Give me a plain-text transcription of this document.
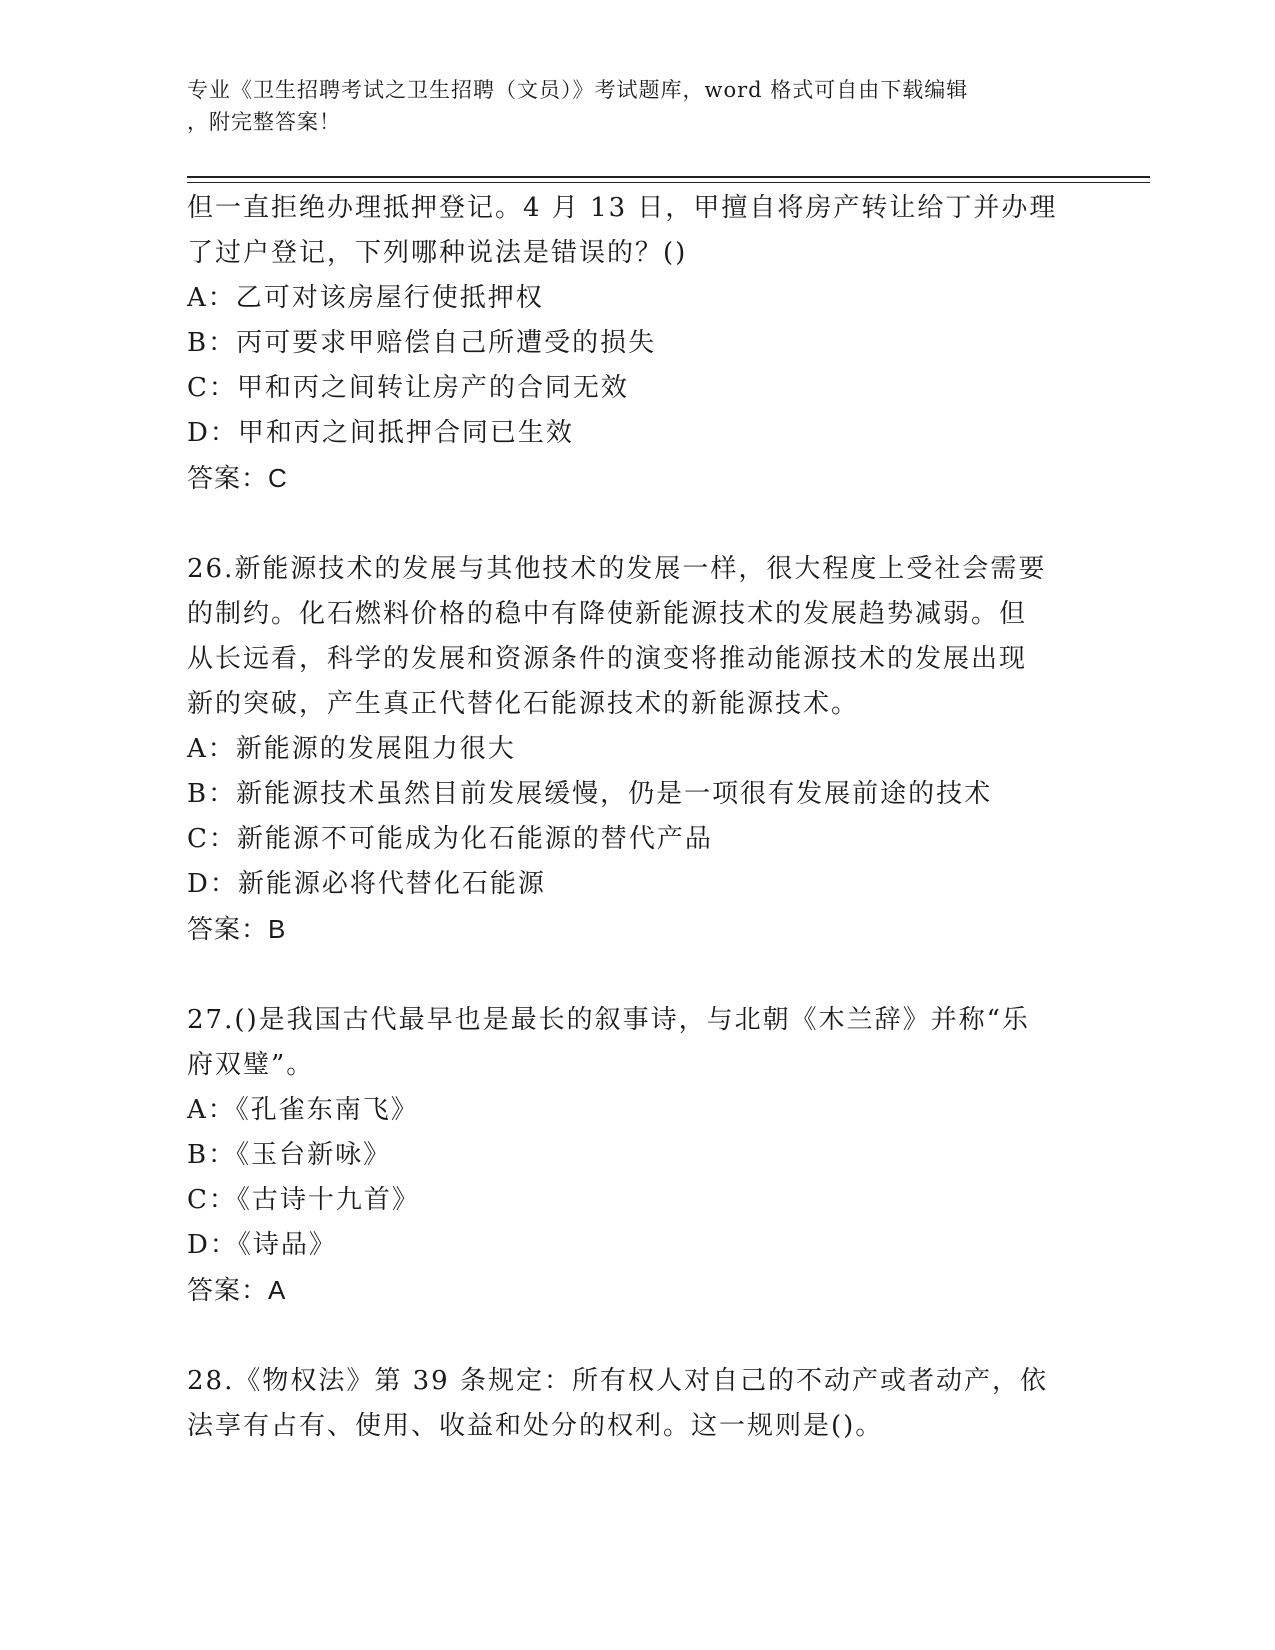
专业《卫生招聘考试之卫生招聘（文员）》考试题库，word 格式可自由下载编辑
，附完整答案！

但一直拒绝办理抵押登记。4 月 13 日，甲擅自将房产转让给丁并办理

了过户登记，下列哪种说法是错误的？()

A：乙可对该房屋行使抵押权

B：丙可要求甲赔偿自己所遭受的损失

C：甲和丙之间转让房产的合同无效

D：甲和丙之间抵押合同已生效

答案：C

26.新能源技术的发展与其他技术的发展一样，很大程度上受社会需要

的制约。化石燃料价格的稳中有降使新能源技术的发展趋势减弱。但

从长远看，科学的发展和资源条件的演变将推动能源技术的发展出现

新的突破，产生真正代替化石能源技术的新能源技术。

A：新能源的发展阻力很大

B：新能源技术虽然目前发展缓慢，仍是一项很有发展前途的技术

C：新能源不可能成为化石能源的替代产品

D：新能源必将代替化石能源

答案：B

27.()是我国古代最早也是最长的叙事诗，与北朝《木兰辞》并称“乐

府双璧”。

A：《孔雀东南飞》

B：《玉台新咏》

C：《古诗十九首》

D：《诗品》

答案：A

28.《物权法》第 39 条规定：所有权人对自己的不动产或者动产，依

法享有占有、使用、收益和处分的权利。这一规则是()。
